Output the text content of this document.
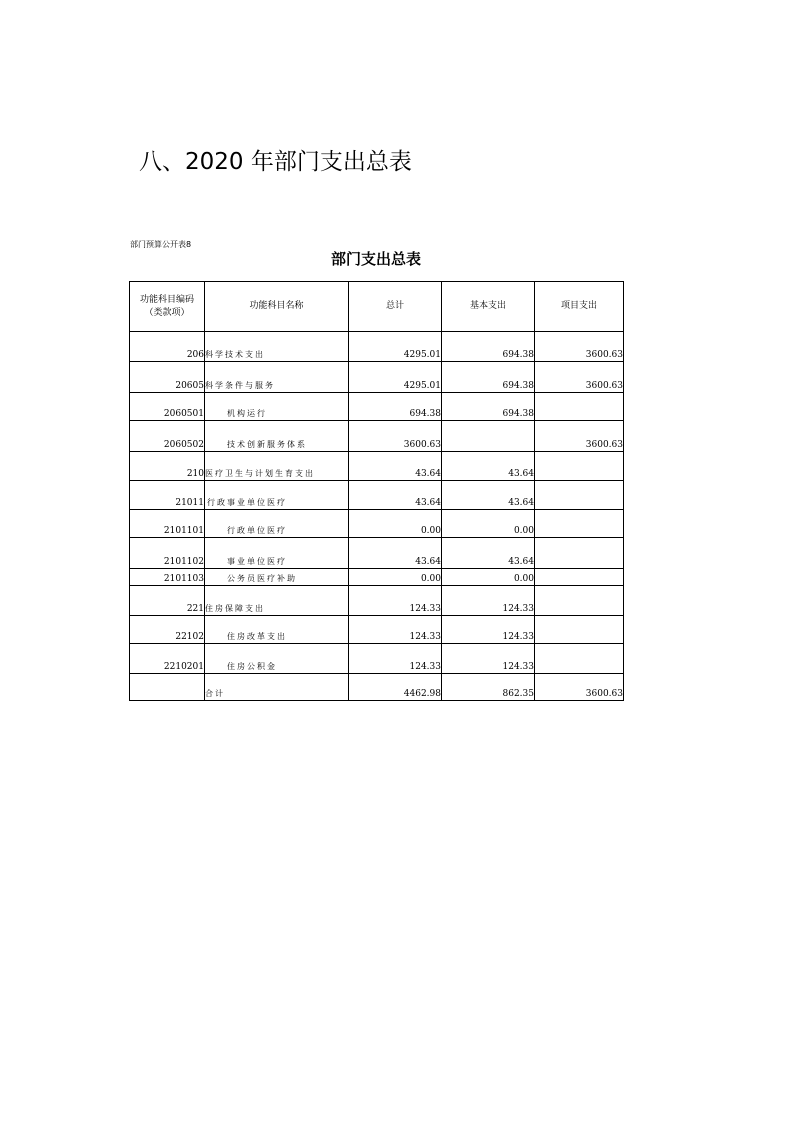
八、2020 年部门支出总表
部门预算公开表8
部门支出总表
功能科目编码
（类款项）	功能科目名称	总计	基本支出	项目支出
206	科学技术支出	4295.01	694.38	3600.63
20605	科学条件与服务	4295.01	694.38	3600.63
2060501	机构运行	694.38	694.38	
2060502	技术创新服务体系	3600.63		3600.63
210	医疗卫生与计划生育支出	43.64	43.64	
21011	行政事业单位医疗	43.64	43.64	
2101101	行政单位医疗	0.00	0.00	
2101102	事业单位医疗	43.64	43.64	
2101103	公务员医疗补助	0.00	0.00	
221	住房保障支出	124.33	124.33	
22102	住房改革支出	124.33	124.33	
2210201	住房公积金	124.33	124.33	
	合计	4462.98	862.35	3600.63
